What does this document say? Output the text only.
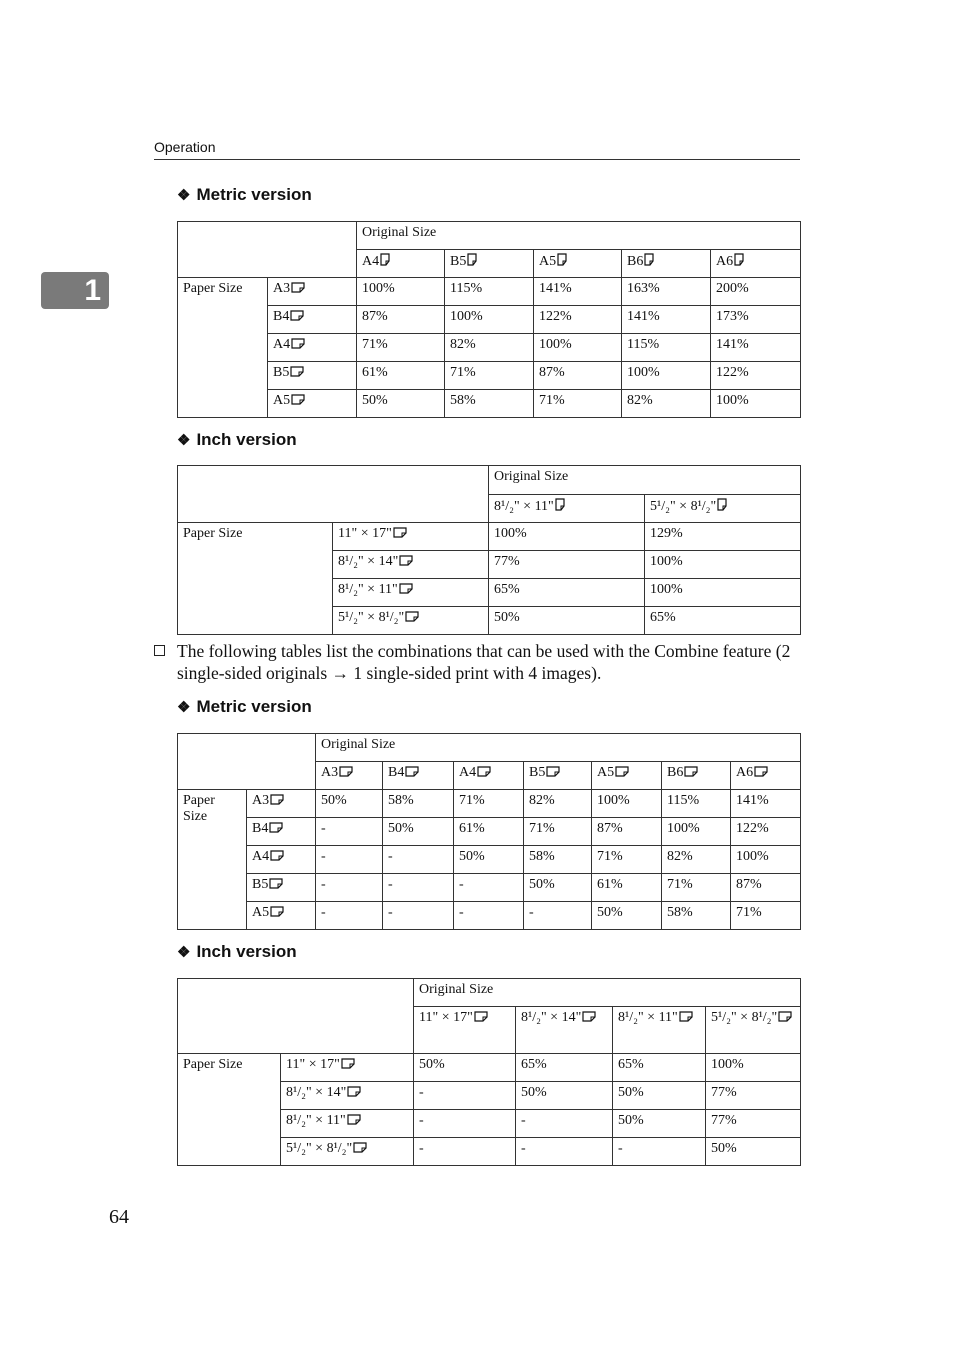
Operation
1
❖ Metric version
		Original Size				
		A4	B5	A5	B6	A6
Paper Size	A3	100%	115%	141%	163%	200%
	B4	87%	100%	122%	141%	173%
	A4	71%	82%	100%	115%	141%
	B5	61%	71%	87%	100%	122%
	A5	50%	58%	71%	82%	100%
❖ Inch version
		Original Size	
		8¹/₂" × 11"	5¹/₂" × 8¹/₂"
Paper Size	11" × 17"	100%	129%
	8¹/₂" × 14"	77%	100%
	8¹/₂" × 11"	65%	100%
	5¹/₂" × 8¹/₂"	50%	65%
The following tables list the combinations that can be used with the Combine feature (2 single-sided originals → 1 single-sided print with 4 images).
❖ Metric version
		Original Size						
		A3	B4	A4	B5	A5	B6	A6
Paper Size	A3	50%	58%	71%	82%	100%	115%	141%
	B4	-	50%	61%	71%	87%	100%	122%
	A4	-	-	50%	58%	71%	82%	100%
	B5	-	-	-	50%	61%	71%	87%
	A5	-	-	-	-	50%	58%	71%
❖ Inch version
		Original Size			
		11" × 17"	8¹/₂" × 14"	8¹/₂" × 11"	5¹/₂" × 8¹/₂"
Paper Size	11" × 17"	50%	65%	65%	100%
	8¹/₂" × 14"	-	50%	50%	77%
	8¹/₂" × 11"	-	-	50%	77%
	5¹/₂" × 8¹/₂"	-	-	-	50%
64
